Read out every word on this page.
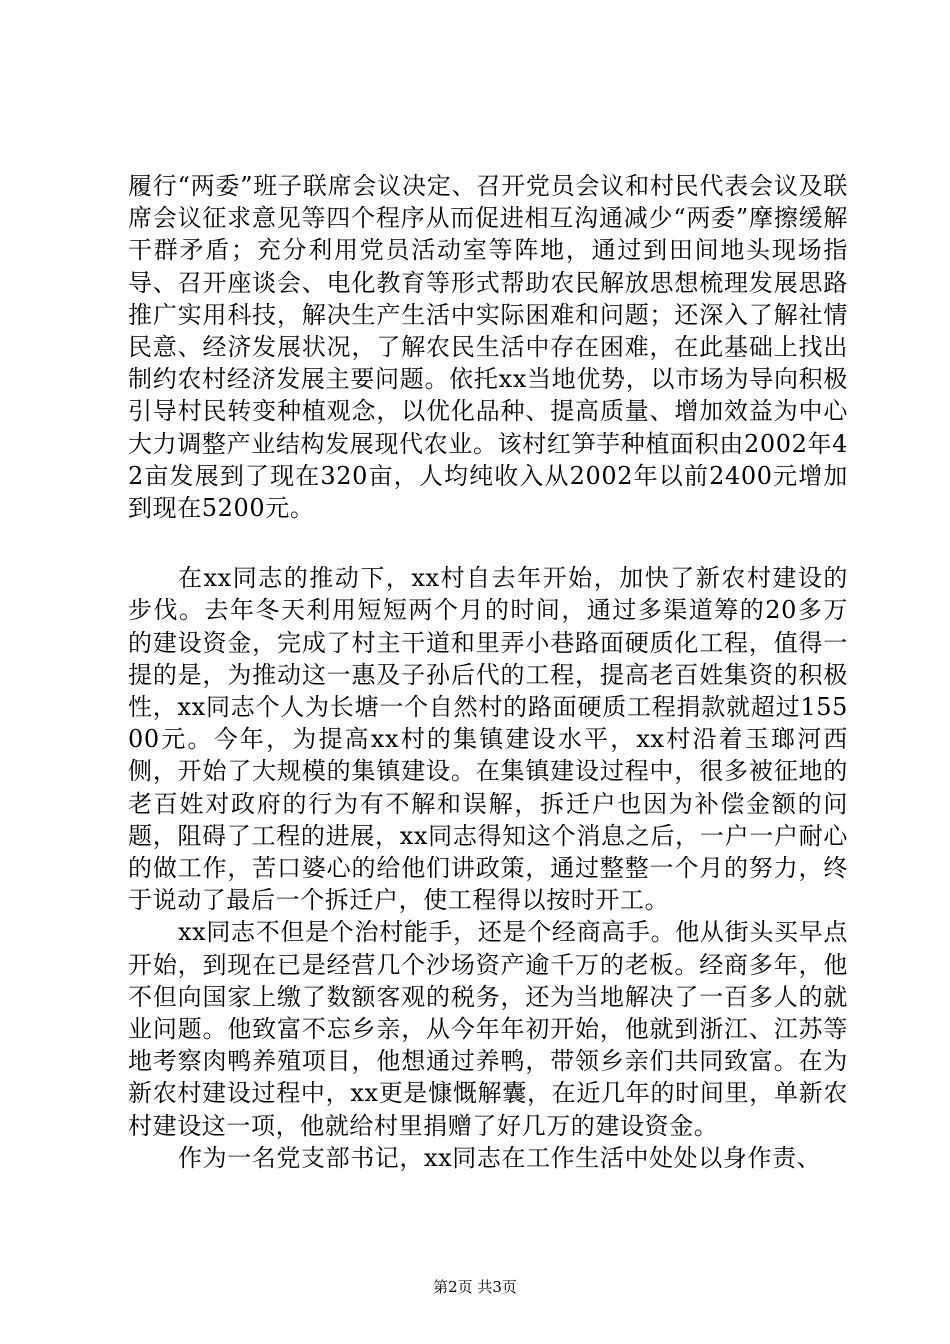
履行“两委”班子联席会议决定、召开党员会议和村民代表会议及联席会议征求意见等四个程序从而促进相互沟通减少“两委”摩擦缓解干群矛盾；充分利用党员活动室等阵地，通过到田间地头现场指导、召开座谈会、电化教育等形式帮助农民解放思想梳理发展思路推广实用科技，解决生产生活中实际困难和问题；还深入了解社情民意、经济发展状况，了解农民生活中存在困难，在此基础上找出制约农村经济发展主要问题。依托xx当地优势，以市场为导向积极引导村民转变种植观念，以优化品种、提高质量、增加效益为中心大力调整产业结构发展现代农业。该村红笋芋种植面积由2002年42亩发展到了现在320亩，人均纯收入从2002年以前2400元增加到现在5200元。

在xx同志的推动下，xx村自去年开始，加快了新农村建设的步伐。去年冬天利用短短两个月的时间，通过多渠道筹的20多万的建设资金，完成了村主干道和里弄小巷路面硬质化工程，值得一提的是，为推动这一惠及子孙后代的工程，提高老百姓集资的积极性，xx同志个人为长塘一个自然村的路面硬质工程捐款就超过15500元。今年，为提高xx村的集镇建设水平，xx村沿着玉瑯河西侧，开始了大规模的集镇建设。在集镇建设过程中，很多被征地的老百姓对政府的行为有不解和误解，拆迁户也因为补偿金额的问题，阻碍了工程的进展，xx同志得知这个消息之后，一户一户耐心的做工作，苦口婆心的给他们讲政策，通过整整一个月的努力，终于说动了最后一个拆迁户，使工程得以按时开工。

xx同志不但是个治村能手，还是个经商高手。他从街头买早点开始，到现在已是经营几个沙场资产逾千万的老板。经商多年，他不但向国家上缴了数额客观的税务，还为当地解决了一百多人的就业问题。他致富不忘乡亲，从今年年初开始，他就到浙江、江苏等地考察肉鸭养殖项目，他想通过养鸭，带领乡亲们共同致富。在为新农村建设过程中，xx更是慷慨解囊，在近几年的时间里，单新农村建设这一项，他就给村里捐赠了好几万的建设资金。

作为一名党支部书记，xx同志在工作生活中处处以身作责、

第2页 共3页
